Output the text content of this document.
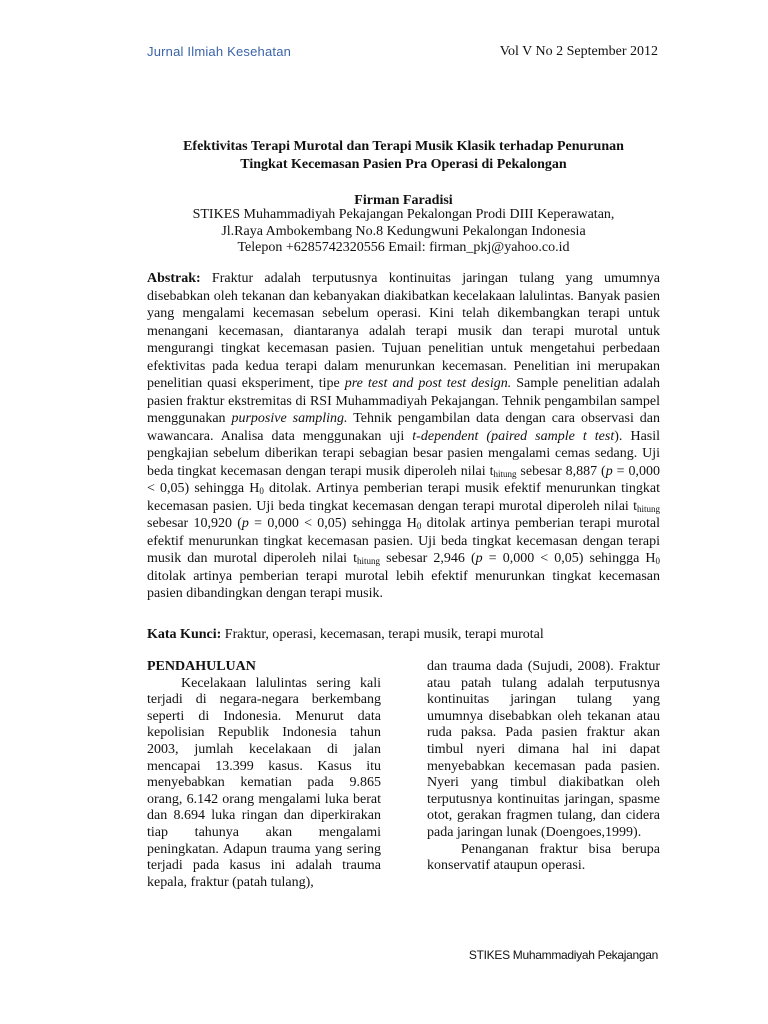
Jurnal Ilmiah Kesehatan	Vol V No 2 September 2012
Efektivitas Terapi Murotal dan Terapi Musik Klasik terhadap Penurunan
Tingkat Kecemasan Pasien Pra Operasi di Pekalongan
Firman Faradisi
STIKES Muhammadiyah Pekajangan Pekalongan Prodi DIII Keperawatan,
Jl.Raya Ambokembang No.8 Kedungwuni Pekalongan Indonesia
Telepon +6285742320556 Email: firman_pkj@yahoo.co.id
Abstrak: Fraktur adalah terputusnya kontinuitas jaringan tulang yang umumnya disebabkan oleh tekanan dan kebanyakan diakibatkan kecelakaan lalulintas. Banyak pasien yang mengalami kecemasan sebelum operasi. Kini telah dikembangkan terapi untuk menangani kecemasan, diantaranya adalah terapi musik dan terapi murotal untuk mengurangi tingkat kecemasan pasien. Tujuan penelitian untuk mengetahui perbedaan efektivitas pada kedua terapi dalam menurunkan kecemasan. Penelitian ini merupakan penelitian quasi eksperiment, tipe pre test and post test design. Sample penelitian adalah pasien fraktur ekstremitas di RSI Muhammadiyah Pekajangan. Tehnik pengambilan sampel menggunakan purposive sampling. Tehnik pengambilan data dengan cara observasi dan wawancara. Analisa data menggunakan uji t-dependent (paired sample t test). Hasil pengkajian sebelum diberikan terapi sebagian besar pasien mengalami cemas sedang. Uji beda tingkat kecemasan dengan terapi musik diperoleh nilai $t_{hitung}$ sebesar 8,887 (p = 0,000 < 0,05) sehingga $H_0$ ditolak. Artinya pemberian terapi musik efektif menurunkan tingkat kecemasan pasien. Uji beda tingkat kecemasan dengan terapi murotal diperoleh nilai $t_{hitung}$ sebesar 10,920 (p = 0,000 < 0,05) sehingga $H_0$ ditolak artinya pemberian terapi murotal efektif menurunkan tingkat kecemasan pasien. Uji beda tingkat kecemasan dengan terapi musik dan murotal diperoleh nilai $t_{hitung}$ sebesar 2,946 (p = 0,000 < 0,05) sehingga $H_0$ ditolak artinya pemberian terapi murotal lebih efektif menurunkan tingkat kecemasan pasien dibandingkan dengan terapi musik.
Kata Kunci: Fraktur, operasi, kecemasan, terapi musik, terapi murotal

PENDAHULUAN

Kecelakaan lalulintas sering kali terjadi di negara-negara berkembang seperti di Indonesia. Menurut data kepolisian Republik Indonesia tahun 2003, jumlah kecelakaan di jalan mencapai 13.399 kasus. Kasus itu menyebabkan kematian pada 9.865 orang, 6.142 orang mengalami luka berat dan 8.694 luka ringan dan diperkirakan tiap tahunya akan mengalami peningkatan. Adapun trauma yang sering terjadi pada kasus ini adalah trauma kepala, fraktur (patah tulang),

dan trauma dada (Sujudi, 2008). Fraktur atau patah tulang adalah terputusnya kontinuitas jaringan tulang yang umumnya disebabkan oleh tekanan atau ruda paksa. Pada pasien fraktur akan timbul nyeri dimana hal ini dapat menyebabkan kecemasan pada pasien. Nyeri yang timbul diakibatkan oleh terputusnya kontinuitas jaringan, spasme otot, gerakan fragmen tulang, dan cidera pada jaringan lunak (Doengoes,1999).

Penanganan fraktur bisa berupa konservatif ataupun operasi.

STIKES Muhammadiyah Pekajangan
